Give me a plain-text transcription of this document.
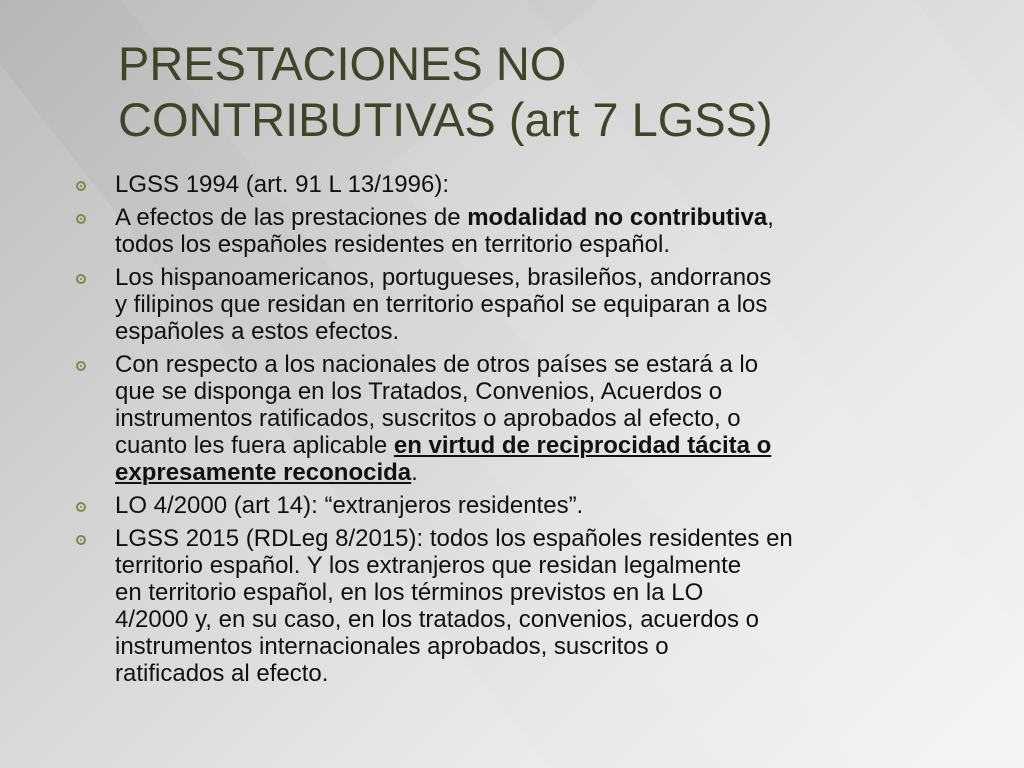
PRESTACIONES NO
CONTRIBUTIVAS (art 7 LGSS)
LGSS 1994 (art. 91 L 13/1996):
A efectos de las prestaciones de modalidad no contributiva,
todos los españoles residentes en territorio español.
Los hispanoamericanos, portugueses, brasileños, andorranos
y filipinos que residan en territorio español se equiparan a los
españoles a estos efectos.
Con respecto a los nacionales de otros países se estará a lo
que se disponga en los Tratados, Convenios, Acuerdos o
instrumentos ratificados, suscritos o aprobados al efecto, o
cuanto les fuera aplicable en virtud de reciprocidad tácita o
expresamente reconocida.
LO 4/2000 (art 14): “extranjeros residentes”.
LGSS 2015 (RDLeg 8/2015): todos los españoles residentes en
territorio español. Y los extranjeros que residan legalmente
en territorio español, en los términos previstos en la LO
4/2000 y, en su caso, en los tratados, convenios, acuerdos o
instrumentos internacionales aprobados, suscritos o
ratificados al efecto.
